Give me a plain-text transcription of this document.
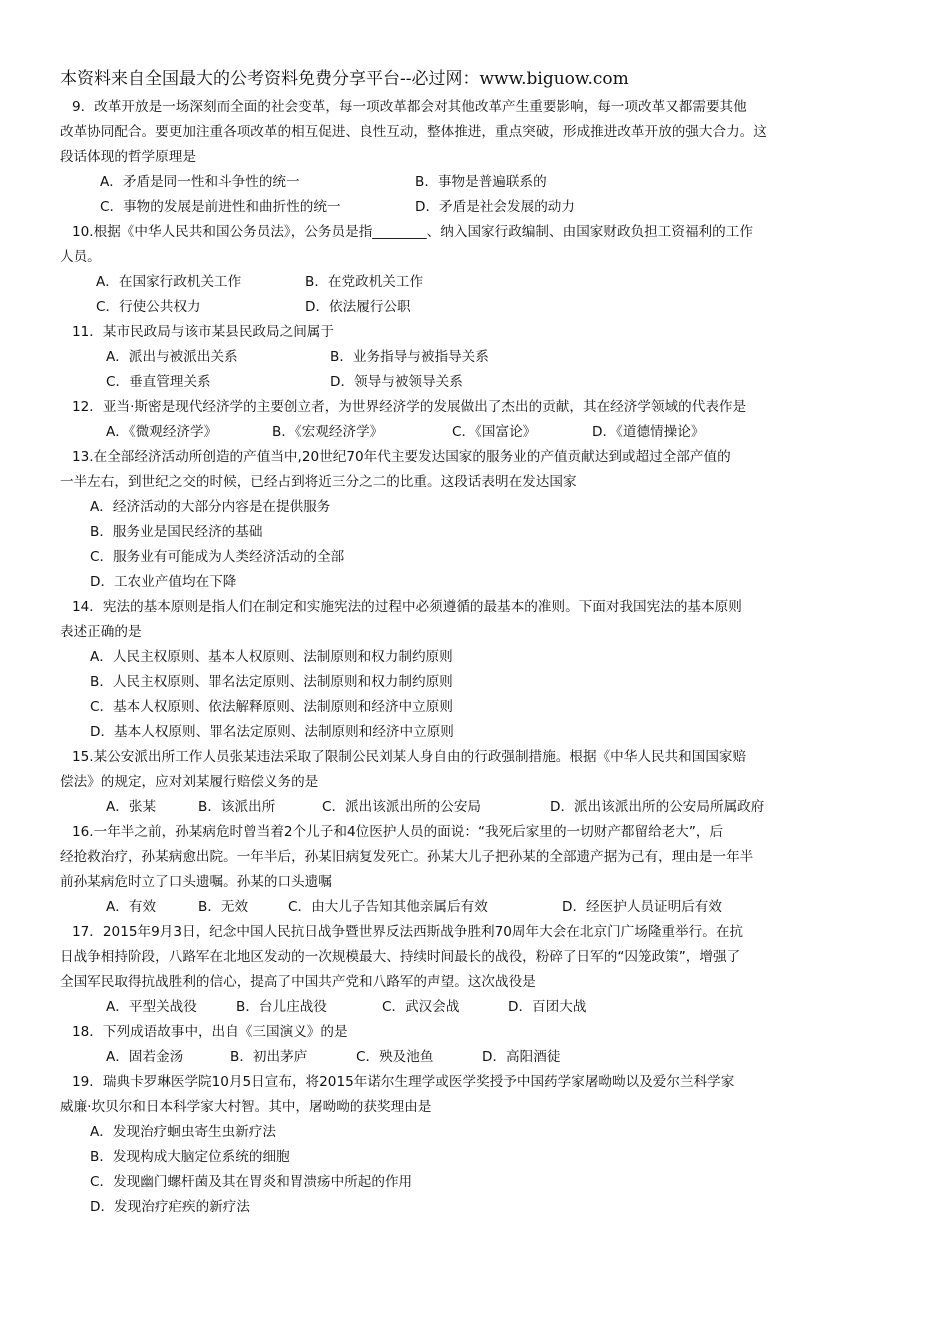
本资料来自全国最大的公考资料免费分享平台--必过网：www.biguow.com
9．改革开放是一场深刻而全面的社会变革，每一项改革都会对其他改革产生重要影响，每一项改革又都需要其他
改革协同配合。要更加注重各项改革的相互促进、良性互动，整体推进，重点突破，形成推进改革开放的强大合力。这
段话体现的哲学原理是
A．矛盾是同一性和斗争性的统一	B．事物是普遍联系的
C．事物的发展是前进性和曲折性的统一	D．矛盾是社会发展的动力
10.根据《中华人民共和国公务员法》，公务员是指________、纳入国家行政编制、由国家财政负担工资福利的工作
人员。
A．在国家行政机关工作	B．在党政机关工作
C．行使公共权力	D．依法履行公职
11．某市民政局与该市某县民政局之间属于
A．派出与被派出关系	B．业务指导与被指导关系
C．垂直管理关系	D．领导与被领导关系
12．亚当·斯密是现代经济学的主要创立者，为世界经济学的发展做出了杰出的贡献，其在经济学领域的代表作是
A．《微观经济学》	B．《宏观经济学》	C．《国富论》	D．《道德情操论》
13.在全部经济活动所创造的产值当中,20世纪70年代主要发达国家的服务业的产值贡献达到或超过全部产值的
一半左右，到世纪之交的时候，已经占到将近三分之二的比重。这段话表明在发达国家
A．经济活动的大部分内容是在提供服务
B．服务业是国民经济的基础
C．服务业有可能成为人类经济活动的全部
D．工农业产值均在下降
14．宪法的基本原则是指人们在制定和实施宪法的过程中必须遵循的最基本的准则。下面对我国宪法的基本原则
表述正确的是
A．人民主权原则、基本人权原则、法制原则和权力制约原则
B．人民主权原则、罪名法定原则、法制原则和权力制约原则
C．基本人权原则、依法解释原则、法制原则和经济中立原则
D．基本人权原则、罪名法定原则、法制原则和经济中立原则
15.某公安派出所工作人员张某违法采取了限制公民刘某人身自由的行政强制措施。根据《中华人民共和国国家赔
偿法》的规定，应对刘某履行赔偿义务的是
A．张某	B．该派出所	C．派出该派出所的公安局	D．派出该派出所的公安局所属政府
16.一年半之前，孙某病危时曾当着2个儿子和4位医护人员的面说：“我死后家里的一切财产都留给老大”，后
经抢救治疗，孙某病愈出院。一年半后，孙某旧病复发死亡。孙某大儿子把孙某的全部遗产据为己有，理由是一年半
前孙某病危时立了口头遗嘱。孙某的口头遗嘱
A．有效	B．无效	C．由大儿子告知其他亲属后有效	D．经医护人员证明后有效
17．2015年9月3日，纪念中国人民抗日战争暨世界反法西斯战争胜利70周年大会在北京门广场隆重举行。在抗
日战争相持阶段，八路军在北地区发动的一次规模最大、持续时间最长的战役，粉碎了日军的“囚笼政策”，增强了
全国军民取得抗战胜利的信心，提高了中国共产党和八路军的声望。这次战役是
A．平型关战役	B．台儿庄战役	C．武汉会战	D．百团大战
18．下列成语故事中，出自《三国演义》的是
A．固若金汤	B．初出茅庐	C．殃及池鱼	D．高阳酒徒
19．瑞典卡罗琳医学院10月5日宣布，将2015年诺尔生理学或医学奖授予中国药学家屠呦呦以及爱尔兰科学家
威廉·坎贝尔和日本科学家大村智。其中，屠呦呦的获奖理由是
A．发现治疗蛔虫寄生虫新疗法
B．发现构成大脑定位系统的细胞
C．发现幽门螺杆菌及其在胃炎和胃溃疡中所起的作用
D．发现治疗疟疾的新疗法
